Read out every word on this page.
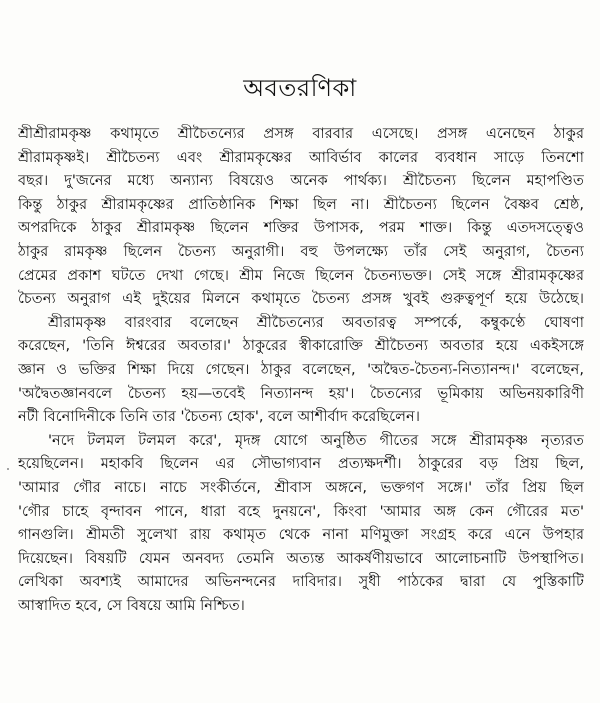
অবতরণিকা
শ্রীশ্রীরামকৃষ্ণ কথামৃতে শ্রীচৈতন্যের প্রসঙ্গ বারবার এসেছে। প্রসঙ্গ এনেছেন ঠাকুর
শ্রীরামকৃষ্ণই। শ্রীচৈতন্য এবং শ্রীরামকৃষ্ণের আবির্ভাব কালের ব্যবধান সাড়ে তিনশো
বছর। দু'জনের মধ্যে অন্যান্য বিষয়েও অনেক পার্থক্য। শ্রীচৈতন্য ছিলেন মহাপণ্ডিত
কিন্তু ঠাকুর শ্রীরামকৃষ্ণের প্রাতিষ্ঠানিক শিক্ষা ছিল না। শ্রীচৈতন্য ছিলেন বৈষ্ণব শ্রেষ্ঠ,
অপরদিকে ঠাকুর শ্রীরামকৃষ্ণ ছিলেন শক্তির উপাসক, পরম শাক্ত। কিন্তু এতদসত্ত্বেও
ঠাকুর রামকৃষ্ণ ছিলেন চৈতন্য অনুরাগী। বহু উপলক্ষ্যে তাঁর সেই অনুরাগ, চৈতন্য
প্রেমের প্রকাশ ঘটতে দেখা গেছে। শ্রীম নিজে ছিলেন চৈতন্যভক্ত। সেই সঙ্গে শ্রীরামকৃষ্ণের
চৈতন্য অনুরাগ এই দুইয়ের মিলনে কথামৃতে চৈতন্য প্রসঙ্গ খুবই গুরুত্বপূর্ণ হয়ে উঠেছে।
শ্রীরামকৃষ্ণ বারংবার বলেছেন শ্রীচৈতন্যের অবতারত্ব সম্পর্কে, কম্বুকণ্ঠে ঘোষণা
করেছেন, 'তিনি ঈশ্বরের অবতার।' ঠাকুরের স্বীকারোক্তি শ্রীচৈতন্য অবতার হয়ে একইসঙ্গে
জ্ঞান ও ভক্তির শিক্ষা দিয়ে গেছেন। ঠাকুর বলেছেন, 'অদ্বৈত-চৈতন্য-নিত্যানন্দ।' বলেছেন,
'অদ্বৈতজ্ঞানবলে চৈতন্য হয়—তবেই নিত্যানন্দ হয়'। চৈতন্যের ভূমিকায় অভিনয়কারিণী
নটী বিনোদিনীকে তিনি তার 'চৈতন্য হোক', বলে আশীর্বাদ করেছিলেন।
'নদে টলমল টলমল করে', মৃদঙ্গ যোগে অনুষ্ঠিত গীতের সঙ্গে শ্রীরামকৃষ্ণ নৃত্যরত
হয়েছিলেন। মহাকবি ছিলেন এর সৌভাগ্যবান প্রত্যক্ষদর্শী। ঠাকুরের বড় প্রিয় ছিল,
'আমার গৌর নাচে। নাচে সংকীর্তনে, শ্রীবাস অঙ্গনে, ভক্তগণ সঙ্গে।' তাঁর প্রিয় ছিল
'গৌর চাহে বৃন্দাবন পানে, ধারা বহে দুনয়নে', কিংবা 'আমার অঙ্গ কেন গৌরের মত'
গানগুলি। শ্রীমতী সুলেখা রায় কথামৃত থেকে নানা মণিমুক্তা সংগ্রহ করে এনে উপহার
দিয়েছেন। বিষয়টি যেমন অনবদ্য তেমনি অত্যন্ত আকর্ষণীয়ভাবে আলোচনাটি উপস্থাপিত।
লেখিকা অবশ্যই আমাদের অভিনন্দনের দাবিদার। সুধী পাঠকের দ্বারা যে পুস্তিকাটি
আস্বাদিত হবে, সে বিষয়ে আমি নিশ্চিত।
